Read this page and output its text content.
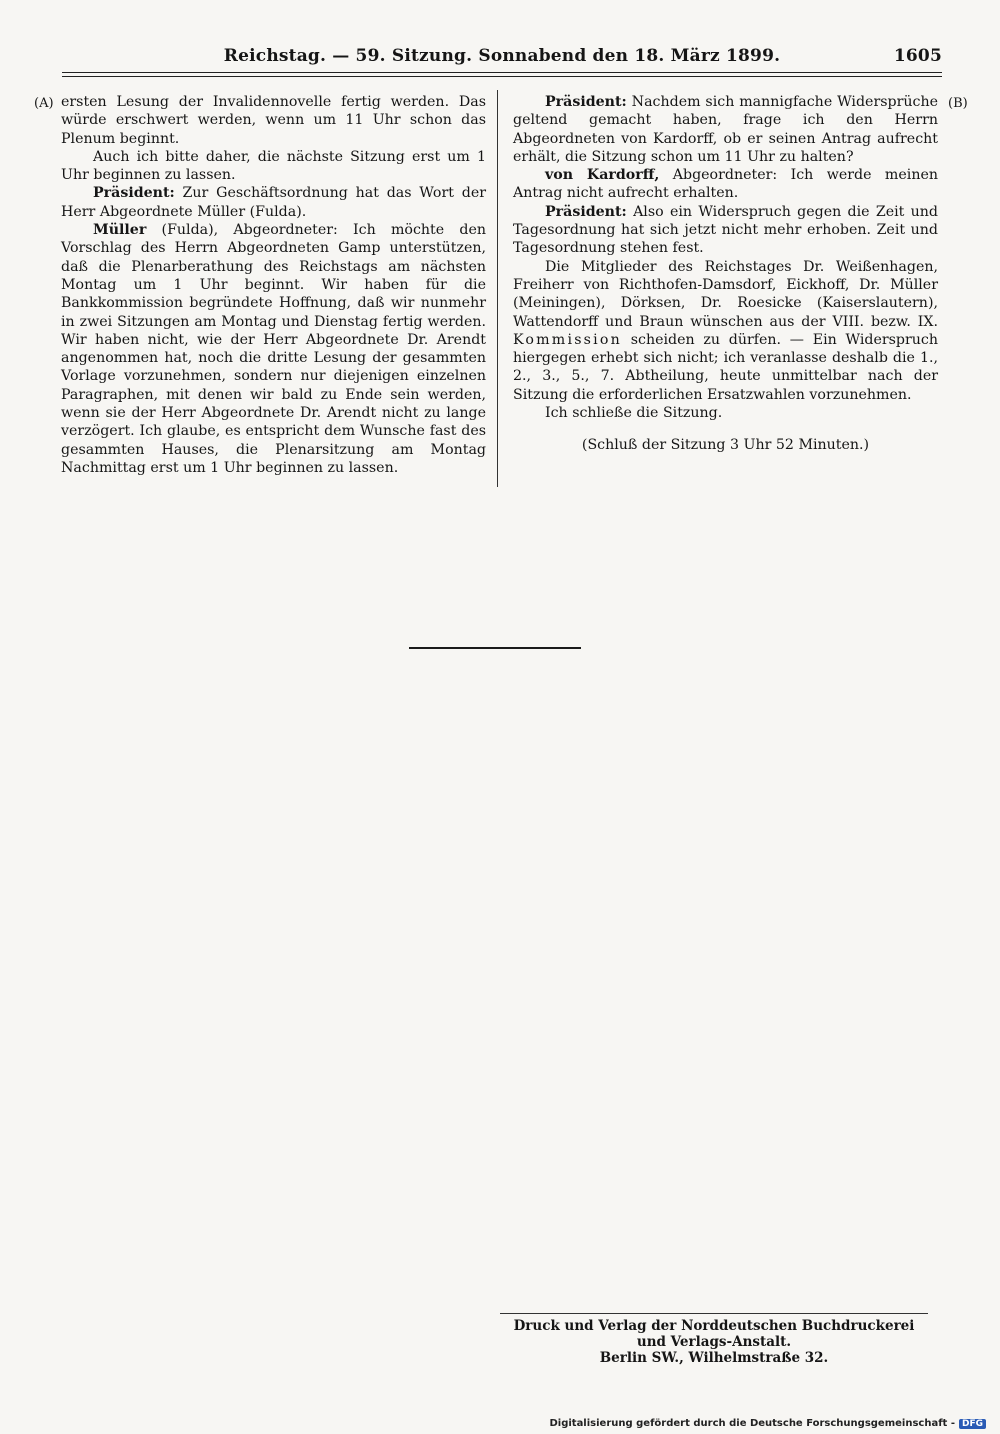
Reichstag. — 59. Sitzung. Sonnabend den 18. März 1899.	1605
(A)	(B)

ersten Lesung der Invalidennovelle fertig werden. Das würde erschwert werden, wenn um 11 Uhr schon das Plenum beginnt.

Auch ich bitte daher, die nächste Sitzung erst um 1 Uhr beginnen zu lassen.

Präsident: Zur Geschäftsordnung hat das Wort der Herr Abgeordnete Müller (Fulda).

Müller (Fulda), Abgeordneter: Ich möchte den Vorschlag des Herrn Abgeordneten Gamp unterstützen, daß die Plenarberathung des Reichstags am nächsten Montag um 1 Uhr beginnt. Wir haben für die Bankkommission begründete Hoffnung, daß wir nunmehr in zwei Sitzungen am Montag und Dienstag fertig werden. Wir haben nicht, wie der Herr Abgeordnete Dr. Arendt angenommen hat, noch die dritte Lesung der gesammten Vorlage vorzunehmen, sondern nur diejenigen einzelnen Paragraphen, mit denen wir bald zu Ende sein werden, wenn sie der Herr Abgeordnete Dr. Arendt nicht zu lange verzögert. Ich glaube, es entspricht dem Wunsche fast des gesammten Hauses, die Plenarsitzung am Montag Nachmittag erst um 1 Uhr beginnen zu lassen.

Präsident: Nachdem sich mannigfache Widersprüche geltend gemacht haben, frage ich den Herrn Abgeordneten von Kardorff, ob er seinen Antrag aufrecht erhält, die Sitzung schon um 11 Uhr zu halten?

von Kardorff, Abgeordneter: Ich werde meinen Antrag nicht aufrecht erhalten.

Präsident: Also ein Widerspruch gegen die Zeit und Tagesordnung hat sich jetzt nicht mehr erhoben. Zeit und Tagesordnung stehen fest.

Die Mitglieder des Reichstages Dr. Weißenhagen, Freiherr von Richthofen-Damsdorf, Eickhoff, Dr. Müller (Meiningen), Dörksen, Dr. Roesicke (Kaiserslautern), Wattendorff und Braun wünschen aus der VIII. bezw. IX. Kommission scheiden zu dürfen. — Ein Widerspruch hiergegen erhebt sich nicht; ich veranlasse deshalb die 1., 2., 3., 5., 7. Abtheilung, heute unmittelbar nach der Sitzung die erforderlichen Ersatzwahlen vorzunehmen.

Ich schließe die Sitzung.

(Schluß der Sitzung 3 Uhr 52 Minuten.)

Druck und Verlag der Norddeutschen Buchdruckerei und Verlags-Anstalt.
Berlin SW., Wilhelmstraße 32.
Digitalisierung gefördert durch die Deutsche Forschungsgemeinschaft - DFG
